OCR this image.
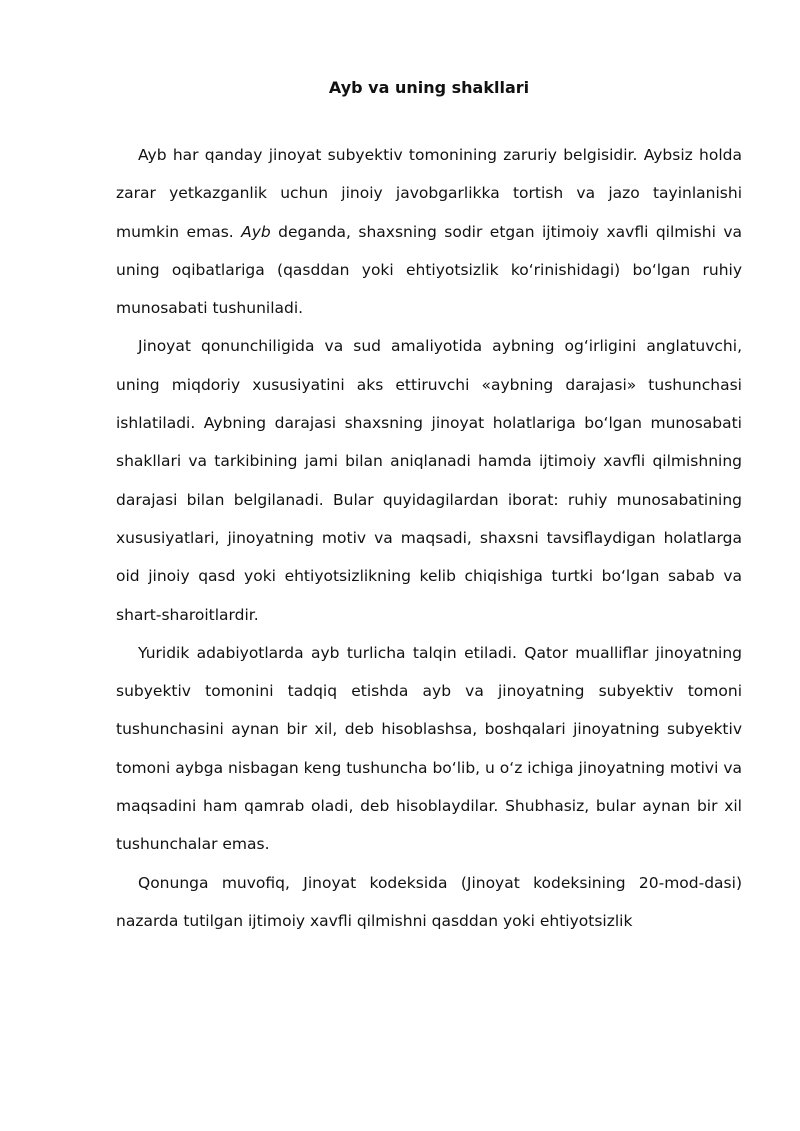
Ayb va uning shakllari

Ayb har qanday jinoyat subyektiv tomonining zaruriy belgisidir. Aybsiz holda zarar yetkazganlik uchun jinoiy javobgarlikka tortish va jazo tayinlanishi mumkin emas. Ayb deganda, shaxsning sodir etgan ijtimoiy xavfli qilmishi va uning oqibatlariga (qasddan yoki ehtiyotsizlik ko‘rinishidagi) bo‘lgan ruhiy munosabati tushuniladi.

Jinoyat qonunchiligida va sud amaliyotida aybning og‘irligini anglatuvchi, uning miqdoriy xususiyatini aks ettiruvchi «aybning darajasi» tushunchasi ishlatiladi. Aybning darajasi shaxsning jinoyat holatlariga bo‘lgan munosabati shakllari va tarkibining jami bilan aniqlanadi hamda ijtimoiy xavfli qilmishning darajasi bilan belgilanadi. Bular quyidagilardan iborat: ruhiy munosabatining xususiyatlari, jinoyatning motiv va maqsadi, shaxsni tavsiflaydigan holatlarga oid jinoiy qasd yoki ehtiyotsizlikning kelib chiqishiga turtki bo‘lgan sabab va shart-sharoitlardir.

Yuridik adabiyotlarda ayb turlicha talqin etiladi. Qator mualliflar jinoyatning subyektiv tomonini tadqiq etishda ayb va jinoyatning subyektiv tomoni tushunchasini aynan bir xil, deb hisoblashsa, boshqalari jinoyatning subyektiv tomoni aybga nisbagan keng tushuncha bo‘lib, u o‘z ichiga jinoyatning motivi va maqsadini ham qamrab oladi, deb hisoblaydilar. Shubhasiz, bular aynan bir xil tushunchalar emas.

Qonunga muvofiq, Jinoyat kodeksida (Jinoyat kodeksining 20-mod-dasi) nazarda tutilgan ijtimoiy xavfli qilmishni qasddan yoki ehtiyotsizlik
